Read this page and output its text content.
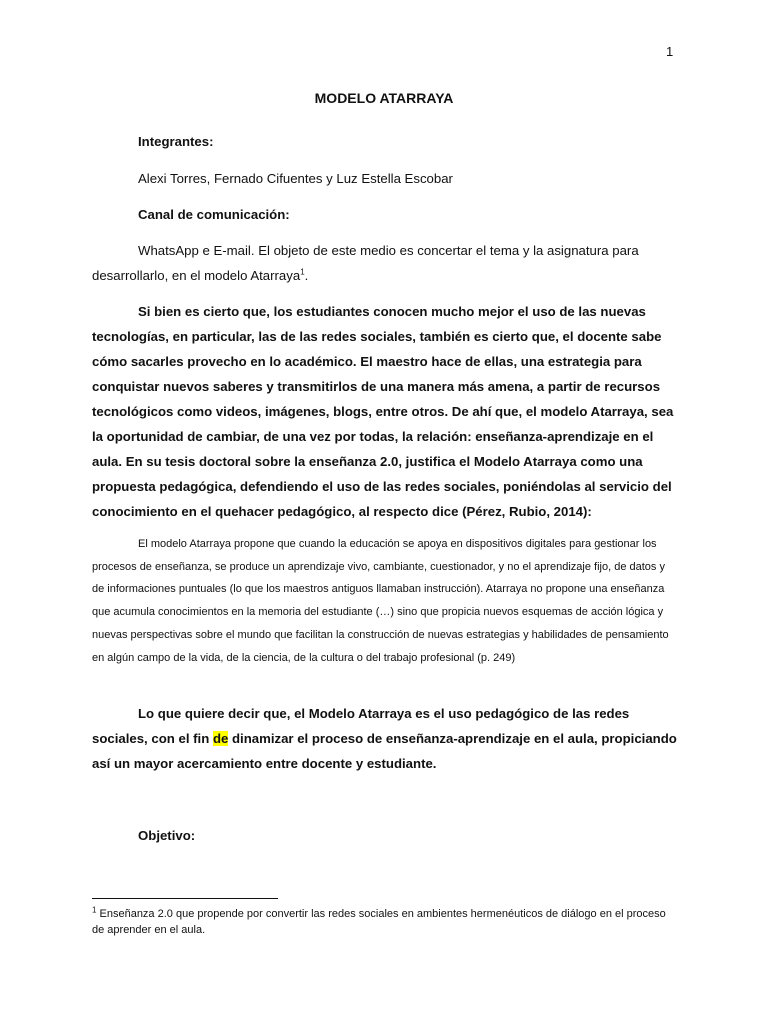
1
MODELO ATARRAYA

Integrantes:

Alexi Torres, Fernado Cifuentes y Luz Estella Escobar

Canal de comunicación:

WhatsApp e E-mail. El objeto de este medio es concertar el tema y la asignatura para desarrollarlo, en el modelo Atarraya$^1$.

Si bien es cierto que, los estudiantes conocen mucho mejor el uso de las nuevas tecnologías, en particular, las de las redes sociales, también es cierto que, el docente sabe cómo sacarles provecho en lo académico. El maestro hace de ellas, una estrategia para conquistar nuevos saberes y transmitirlos de una manera más amena, a partir de recursos tecnológicos como videos, imágenes, blogs, entre otros. De ahí que, el modelo Atarraya, sea la oportunidad de cambiar, de una vez por todas, la relación: enseñanza-aprendizaje en el aula. En su tesis doctoral sobre la enseñanza 2.0, justifica el Modelo Atarraya como una propuesta pedagógica, defendiendo el uso de las redes sociales, poniéndolas al servicio del conocimiento en el quehacer pedagógico, al respecto dice (Pérez, Rubio, 2014):

El modelo Atarraya propone que cuando la educación se apoya en dispositivos digitales para gestionar los procesos de enseñanza, se produce un aprendizaje vivo, cambiante, cuestionador, y no el aprendizaje fijo, de datos y de informaciones puntuales (lo que los maestros antiguos llamaban instrucción). Atarraya no propone una enseñanza que acumula conocimientos en la memoria del estudiante (…) sino que propicia nuevos esquemas de acción lógica y nuevas perspectivas sobre el mundo que facilitan la construcción de nuevas estrategias y habilidades de pensamiento en algún campo de la vida, de la ciencia, de la cultura o del trabajo profesional (p. 249)

Lo que quiere decir que, el Modelo Atarraya es el uso pedagógico de las redes sociales, con el fin de dinamizar el proceso de enseñanza-aprendizaje en el aula, propiciando así un mayor acercamiento entre docente y estudiante.

Objetivo:

$^1$ Enseñanza 2.0 que propende por convertir las redes sociales en ambientes hermenéuticos de diálogo en el proceso de aprender en el aula.
